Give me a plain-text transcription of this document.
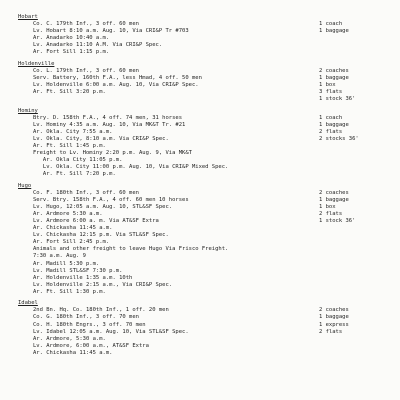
Hobart
Co. C. 179th Inf., 3 off. 60 men	1 coach
Lv. Hobart 8:10 a.m. Aug. 10, Via CRI&P Tr #703	1 baggage
Ar. Anadarko 10:40 a.m.
Lv. Anadarko 11:10 A.M. Via CRI&P Spec.
Ar. Fort Sill 1:15 p.m.
Holdenville
Co. L. 179th Inf., 3 off. 60 men	2 coaches
Serv. Battery, 160th F.A., less Hmad, 4 off. 50 men	1 baggage
Lv. Holdenville 6:00 a.m. Aug. 10, Via CRI&P Spec.	1 box
Ar. Ft. Sill 3:20 p.m.	3 flats
1 stock 36'
Hominy
Btry. D. 158th F.A., 4 off. 74 men, 31 horses	1 coach
Lv. Hominy 4:35 a.m. Aug. 10, Via MK&T Tr. #21	1 baggage
Ar. Okla. City 7:55 a.m.	2 flats
Lv. Okla. City, 8:10 a.m. Via CRI&P Spec.	2 stocks 36'
Ar. Ft. Sill 1:45 p.m.
Freight to Lv. Hominy 2:20 p.m. Aug. 9, Via MK&T
Ar. Okla City 11:05 p.m.
Lv. Okla. City 11:00 p.m. Aug. 10, Via CRI&P Mixed Spec.
Ar. Ft. Sill 7:20 p.m.
Hugo
Co. F. 180th Inf., 3 off. 60 men	2 coaches
Serv. Btry. 158th F.A., 4 off. 60 men 10 horses	1 baggage
Lv. Hugo, 12:05 a.m. Aug. 10, STL&SF Spec.	1 box
Ar. Ardmore 5:30 a.m.	2 flats
Lv. Ardmore 6:00 a. m. Via AT&SF Extra	1 stock 36'
Ar. Chickasha 11:45 a.m.
Lv. Chickasha 12:15 p.m. Via STL&SF Spec.
Ar. Fort Sill 2:45 p.m.
Animals and other freight to leave Hugo Via Frisco Freight.
7:30 a.m. Aug. 9
Ar. Madill 5:30 p.m.
Lv. Madill STL&SF 7:30 p.m.
Ar. Holdenville 1:35 a.m. 10th
Lv. Holdenville 2:15 a.m., Via CRI&P Spec.
Ar. Ft. Sill 1:30 p.m.
Idabel
2nd Bn. Hq. Co. 180th Inf., 1 off. 20 men	2 coaches
Co. G. 180th Inf., 3 off. 70 men	1 baggage
Co. H. 180th Engrs., 3 off. 70 men	1 express
Lv. Idabel 12:05 a.m. Aug. 10, Via STL&SF Spec.	2 flats
Ar. Ardmore, 5:30 a.m.
Lv. Ardmore, 6:00 a.m., AT&SF Extra
Ar. Chickasha 11:45 a.m.
